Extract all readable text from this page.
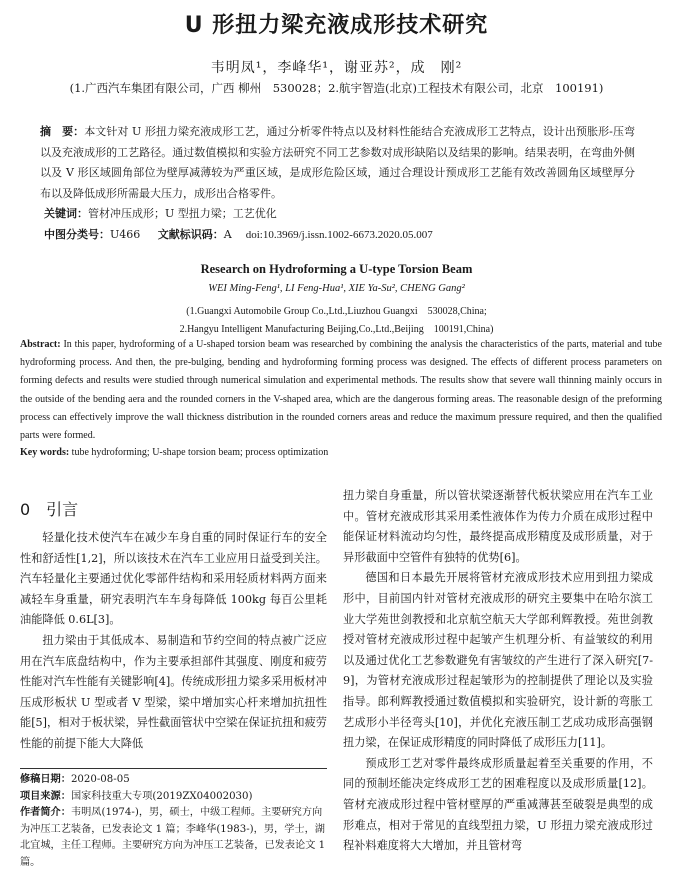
U 形扭力梁充液成形技术研究
韦明凤¹，李峰华¹，谢亚苏²，成　刚²
(1.广西汽车集团有限公司，广西 柳州　530028；2.航宇智造(北京)工程技术有限公司，北京　100191)
摘　要：本文针对 U 形扭力梁充液成形工艺，通过分析零件特点以及材料性能结合充液成形工艺特点，设计出预胀形-压弯以及充液成形的工艺路径。通过数值模拟和实验方法研究不同工艺参数对成形缺陷以及结果的影响。结果表明，在弯曲外侧以及 V 形区域圆角部位为壁厚减薄较为严重区域，是成形危险区域，通过合理设计预成形工艺能有效改善圆角区域壁厚分布以及降低成形所需最大压力，成形出合格零件。
关键词：管材冲压成形；U 型扭力梁；工艺优化
中图分类号：U466 文献标识码：A doi:10.3969/j.issn.1002-6673.2020.05.007
Research on Hydroforming a U-type Torsion Beam
WEI Ming-Feng¹, LI Feng-Hua¹, XIE Ya-Su², CHENG Gang²
(1.Guangxi Automobile Group Co.,Ltd.,Liuzhou Guangxi　530028,China;
2.Hangyu Intelligent Manufacturing Beijing,Co.,Ltd.,Beijing　100191,China)
Abstract: In this paper, hydroforming of a U-shaped torsion beam was researched by combining the analysis the characteristics of the parts, material and tube hydroforming process. And then, the pre-bulging, bending and hydroforming forming process was designed. The effects of different process parameters on forming defects and results were studied through numerical simulation and experimental methods. The results show that severe wall thinning mainly occurs in the outside of the bending aera and the rounded corners in the V-shaped area, which are the dangerous forming areas. The reasonable design of the preforming process can effectively improve the wall thickness distribution in the rounded corners areas and reduce the maximum pressure required, and then the qualified parts were formed.
Key words: tube hydroforming; U-shape torsion beam; process optimization
0　引言

轻量化技术使汽车在减少车身自重的同时保证行车的安全性和舒适性[1,2]，所以该技术在汽车工业应用日益受到关注。汽车轻量化主要通过优化零部件结构和采用轻质材料两方面来减轻车身重量，研究表明汽车车身每降低 100kg 每百公里耗油能降低 0.6L[3]。

扭力梁由于其低成本、易制造和节约空间的特点被广泛应用在汽车底盘结构中，作为主要承担部件其强度、刚度和疲劳性能对汽车性能有关键影响[4]。传统成形扭力梁多采用板材冲压成形板状 U 型或者 V 型梁，梁中增加实心杆来增加抗扭性能[5]，相对于板状梁，异性截面管状中空梁在保证抗扭和疲劳性能的前提下能大大降低

修稿日期：2020-08-05
项目来源：国家科技重大专项(2019ZX04002030)
作者简介：韦明凤(1974-)，男，硕士，中级工程师。主要研究方向为冲压工艺装备，已发表论文 1 篇；李峰华(1983-)，男，学士，湖北宜城，主任工程师。主要研究方向为冲压工艺装备，已发表论文 1 篇。

扭力梁自身重量，所以管状梁逐渐替代板状梁应用在汽车工业中。管材充液成形其采用柔性液体作为传力介质在成形过程中能保证材料流动均匀性，最终提高成形精度及成形质量，对于异形截面中空管件有独特的优势[6]。

德国和日本最先开展将管材充液成形技术应用到扭力梁成形中，目前国内针对管材充液成形的研究主要集中在哈尔滨工业大学苑世剑教授和北京航空航天大学郎利辉教授。苑世剑教授对管材充液成形过程中起皱产生机理分析、有益皱纹的利用以及通过优化工艺参数避免有害皱纹的产生进行了深入研究[7-9]，为管材充液成形过程起皱形为的控制提供了理论以及实验指导。郎利辉教授通过数值模拟和实验研究，设计新的弯胀工艺成形小半径弯头[10]，并优化充液压制工艺成功成形高强钢扭力梁，在保证成形精度的同时降低了成形压力[11]。

预成形工艺对零件最终成形质量起着至关重要的作用，不同的预制坯能决定终成形工艺的困难程度以及成形质量[12]。管材充液成形过程中管材壁厚的严重减薄甚至破裂是典型的成形难点，相对于常见的直线型扭力梁，U 形扭力梁充液成形过程补料难度将大大增加，并且管材弯
